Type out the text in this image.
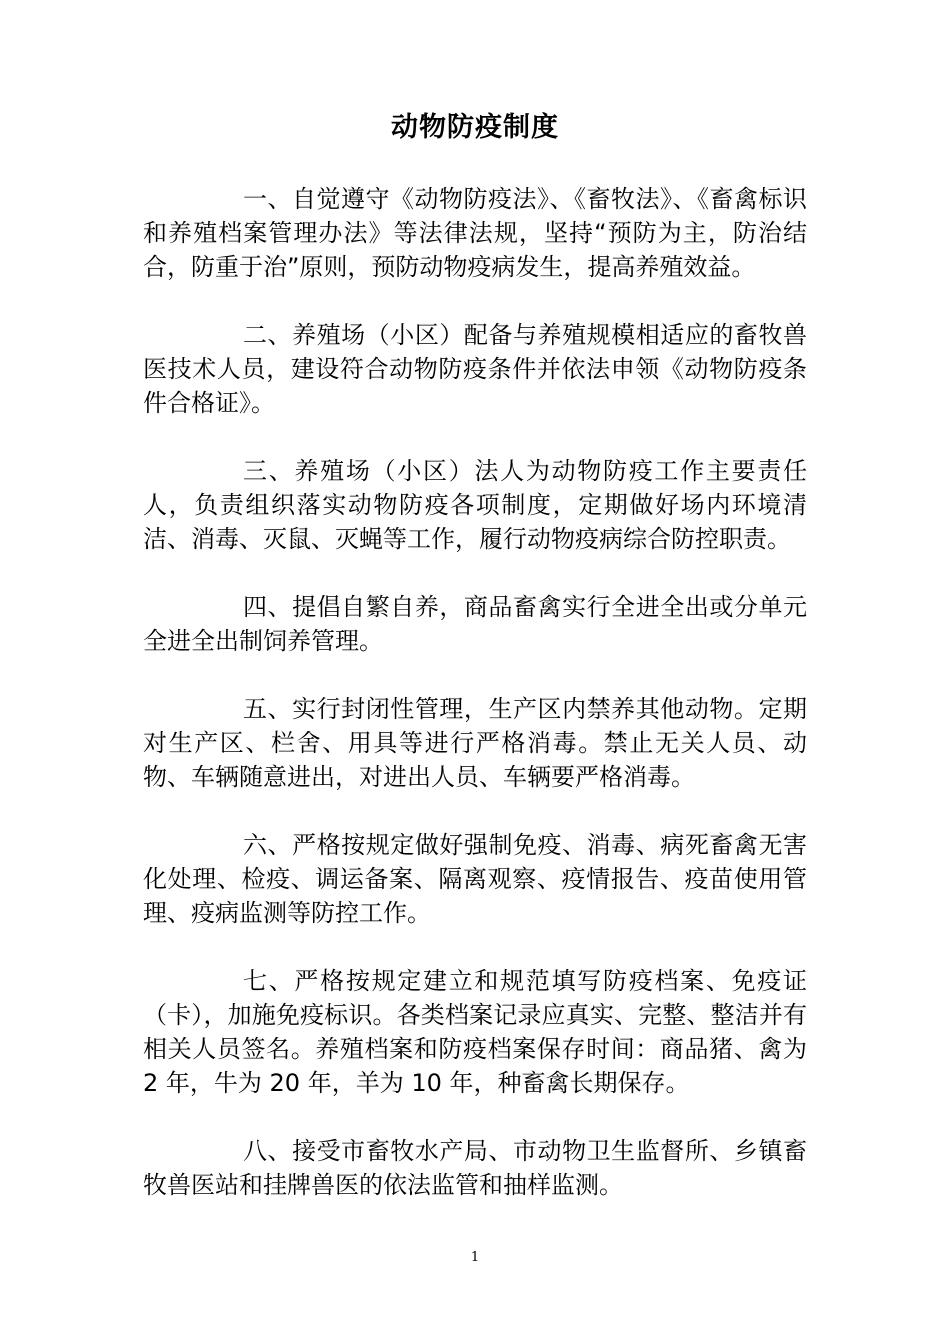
动物防疫制度

一、自觉遵守《动物防疫法》、《畜牧法》、《畜禽标识和养殖档案管理办法》等法律法规，坚持“预防为主，防治结合，防重于治”原则，预防动物疫病发生，提高养殖效益。

二、养殖场（小区）配备与养殖规模相适应的畜牧兽医技术人员，建设符合动物防疫条件并依法申领《动物防疫条件合格证》。

三、养殖场（小区）法人为动物防疫工作主要责任人，负责组织落实动物防疫各项制度，定期做好场内环境清洁、消毒、灭鼠、灭蝇等工作，履行动物疫病综合防控职责。

四、提倡自繁自养，商品畜禽实行全进全出或分单元全进全出制饲养管理。

五、实行封闭性管理，生产区内禁养其他动物。定期对生产区、栏舍、用具等进行严格消毒。禁止无关人员、动物、车辆随意进出，对进出人员、车辆要严格消毒。

六、严格按规定做好强制免疫、消毒、病死畜禽无害化处理、检疫、调运备案、隔离观察、疫情报告、疫苗使用管理、疫病监测等防控工作。

七、严格按规定建立和规范填写防疫档案、免疫证（卡），加施免疫标识。各类档案记录应真实、完整、整洁并有相关人员签名。养殖档案和防疫档案保存时间：商品猪、禽为 2 年，牛为 20 年，羊为 10 年，种畜禽长期保存。

八、接受市畜牧水产局、市动物卫生监督所、乡镇畜牧兽医站和挂牌兽医的依法监管和抽样监测。

1
